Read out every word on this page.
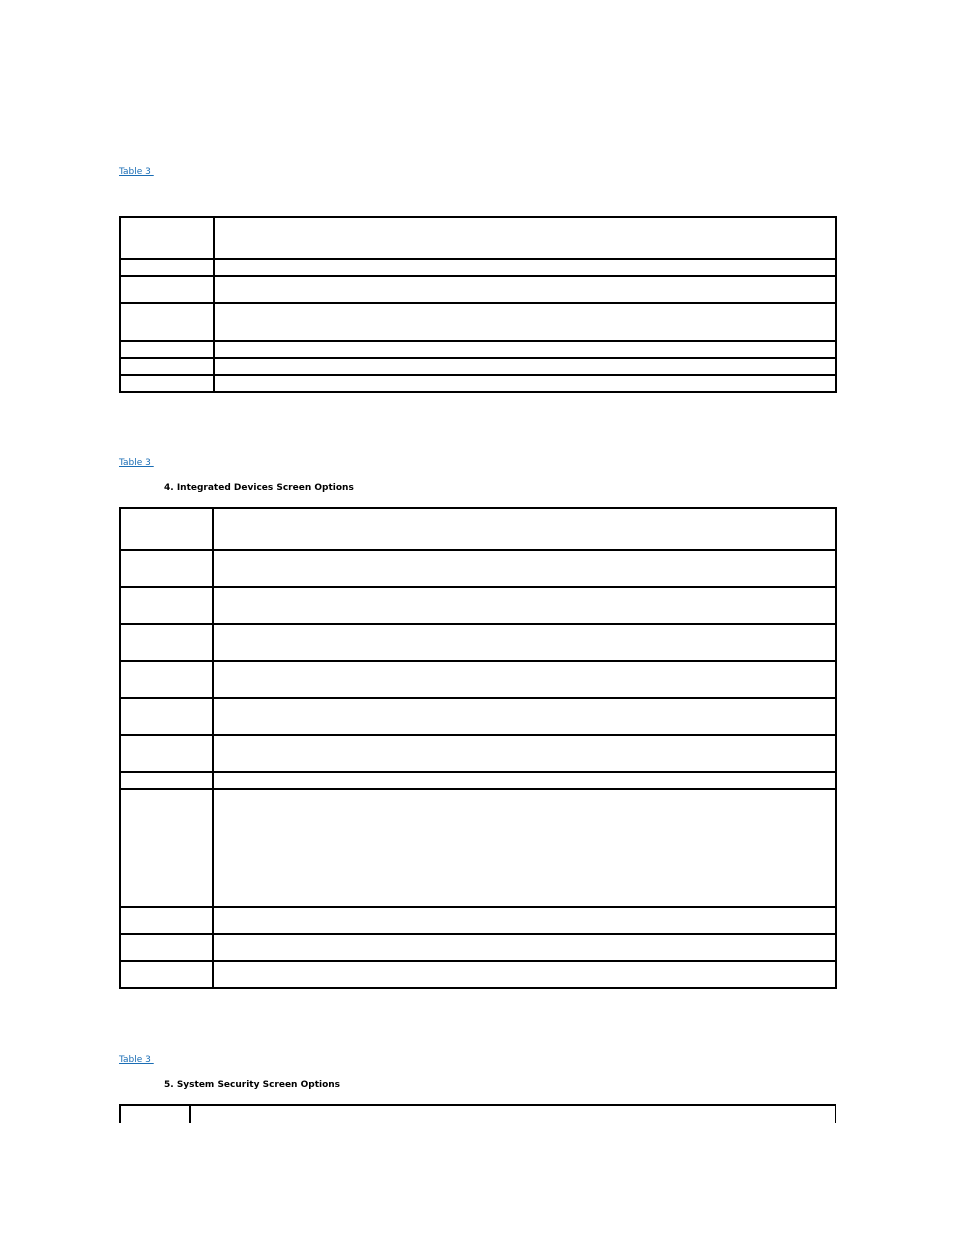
Table 3

Table 3
4. Integrated Devices Screen Options

Table 3
5. System Security Screen Options
